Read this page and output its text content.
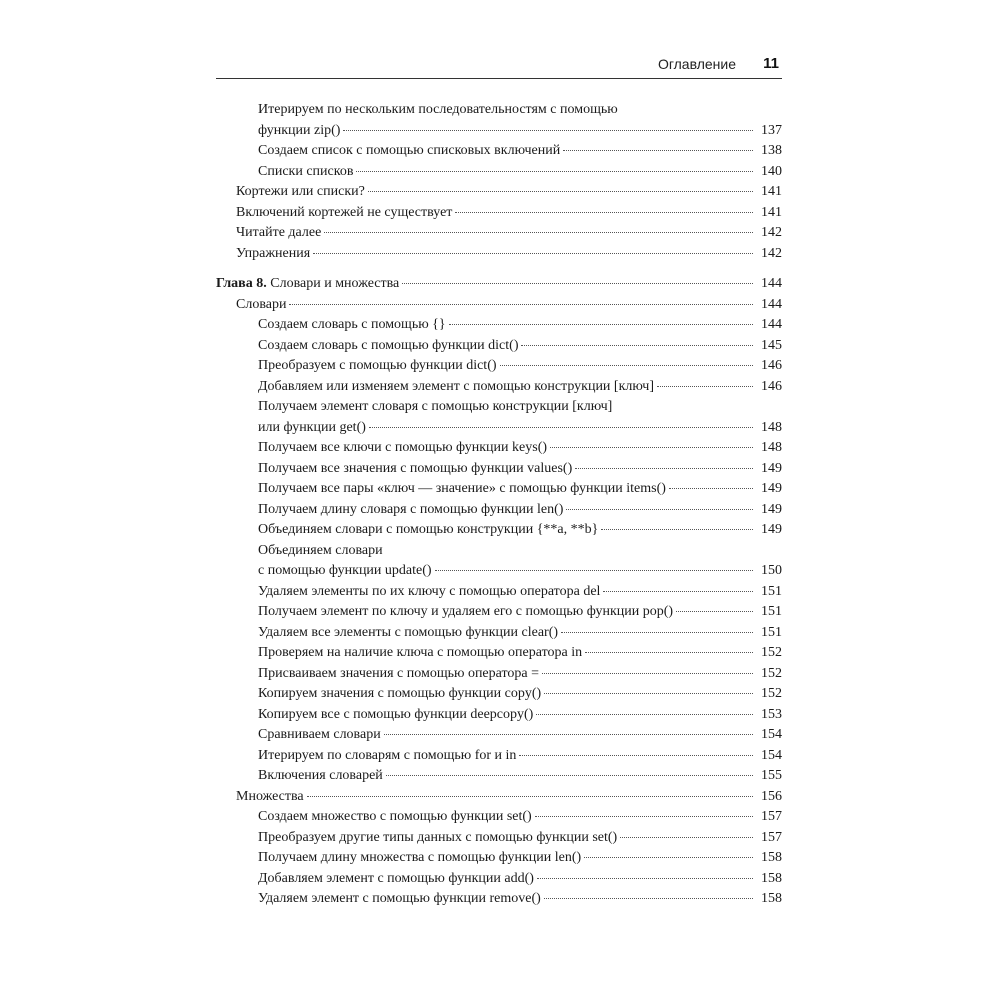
Оглавление 11
Итерируем по нескольким последовательностям с помощью
функции zip()	137
Создаем список с помощью списковых включений	138
Списки списков	140
Кортежи или списки?	141
Включений кортежей не существует	141
Читайте далее	142
Упражнения	142
Глава 8.
Словари и множества	144
Словари	144
Создаем словарь с помощью {}	144
Создаем словарь с помощью функции dict()	145
Преобразуем с помощью функции dict()	146
Добавляем или изменяем элемент с помощью конструкции [ключ]	146
Получаем элемент словаря с помощью конструкции [ключ]
или функции get()	148
Получаем все ключи с помощью функции keys()	148
Получаем все значения с помощью функции values()	149
Получаем все пары «ключ — значение» с помощью функции items()	149
Получаем длину словаря с помощью функции len()	149
Объединяем словари с помощью конструкции {**a, **b}	149
Объединяем словари
с помощью функции update()	150
Удаляем элементы по их ключу с помощью оператора del	151
Получаем элемент по ключу и удаляем его с помощью функции pop()	151
Удаляем все элементы с помощью функции clear()	151
Проверяем на наличие ключа с помощью оператора in	152
Присваиваем значения с помощью оператора =	152
Копируем значения с помощью функции copy()	152
Копируем все с помощью функции deepcopy()	153
Сравниваем словари	154
Итерируем по словарям с помощью for и in	154
Включения словарей	155
Множества	156
Создаем множество с помощью функции set()	157
Преобразуем другие типы данных с помощью функции set()	157
Получаем длину множества с помощью функции len()	158
Добавляем элемент с помощью функции add()	158
Удаляем элемент с помощью функции remove()	158
